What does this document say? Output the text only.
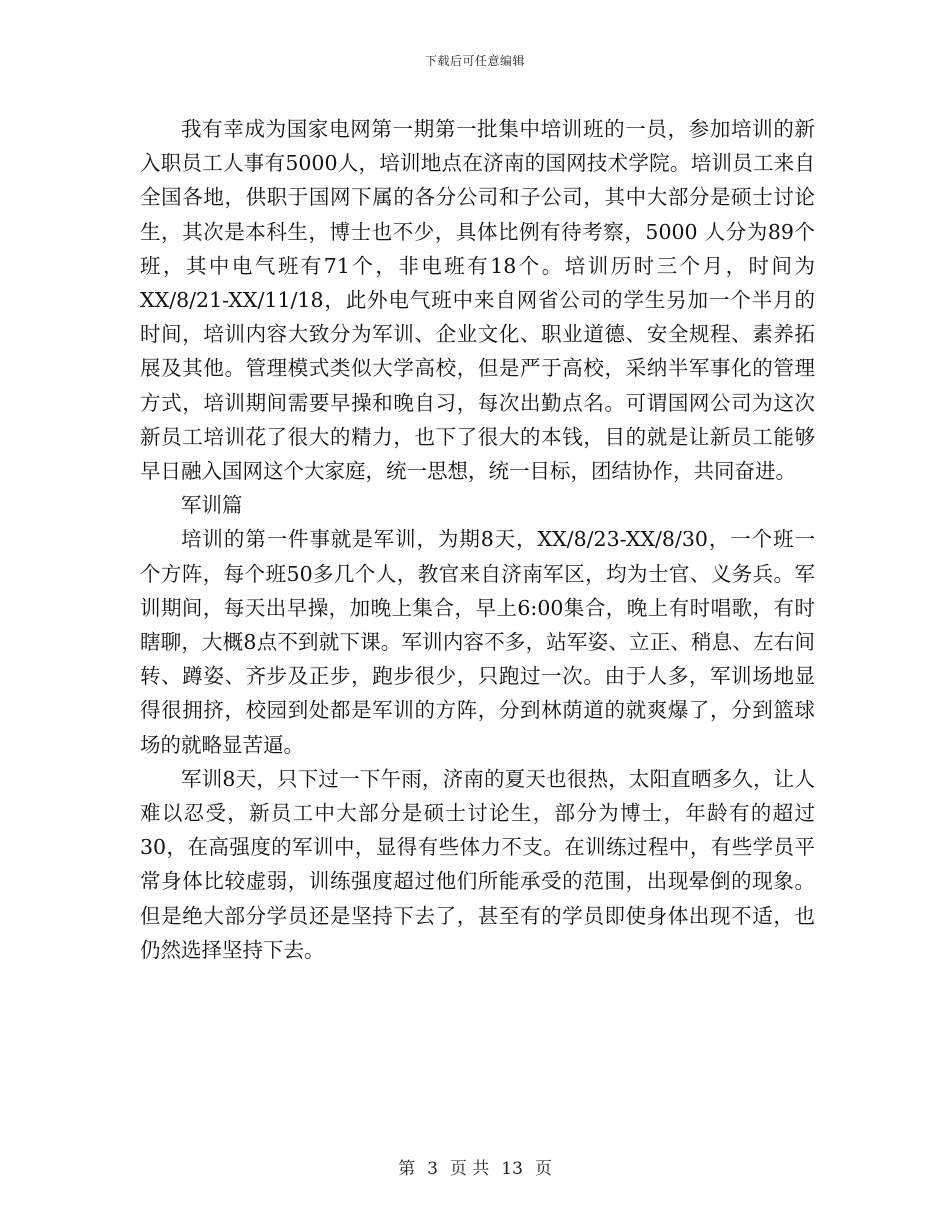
下载后可任意编辑

我有幸成为国家电网第一期第一批集中培训班的一员，参加培训的新入职员工人事有5000人，培训地点在济南的国网技术学院。培训员工来自全国各地，供职于国网下属的各分公司和子公司，其中大部分是硕士讨论生，其次是本科生，博士也不少，具体比例有待考察，5000 人分为89个班，其中电气班有71个，非电班有18个。培训历时三个月，时间为XX/8/21-XX/11/18，此外电气班中来自网省公司的学生另加一个半月的时间，培训内容大致分为军训、企业文化、职业道德、安全规程、素养拓展及其他。管理模式类似大学高校，但是严于高校，采纳半军事化的管理方式，培训期间需要早操和晚自习，每次出勤点名。可谓国网公司为这次新员工培训花了很大的精力，也下了很大的本钱，目的就是让新员工能够早日融入国网这个大家庭，统一思想，统一目标，团结协作，共同奋进。

军训篇

培训的第一件事就是军训，为期8天，XX/8/23-XX/8/30，一个班一个方阵，每个班50多几个人，教官来自济南军区，均为士官、义务兵。军训期间，每天出早操，加晚上集合，早上6:00集合，晚上有时唱歌，有时瞎聊，大概8点不到就下课。军训内容不多，站军姿、立正、稍息、左右间转、蹲姿、齐步及正步，跑步很少，只跑过一次。由于人多，军训场地显得很拥挤，校园到处都是军训的方阵，分到林荫道的就爽爆了，分到篮球场的就略显苦逼。

军训8天，只下过一下午雨，济南的夏天也很热，太阳直晒多久，让人难以忍受，新员工中大部分是硕士讨论生，部分为博士，年龄有的超过30，在高强度的军训中，显得有些体力不支。在训练过程中，有些学员平常身体比较虚弱，训练强度超过他们所能承受的范围，出现晕倒的现象。但是绝大部分学员还是坚持下去了，甚至有的学员即使身体出现不适，也仍然选择坚持下去。

第 3 页 共 13 页
